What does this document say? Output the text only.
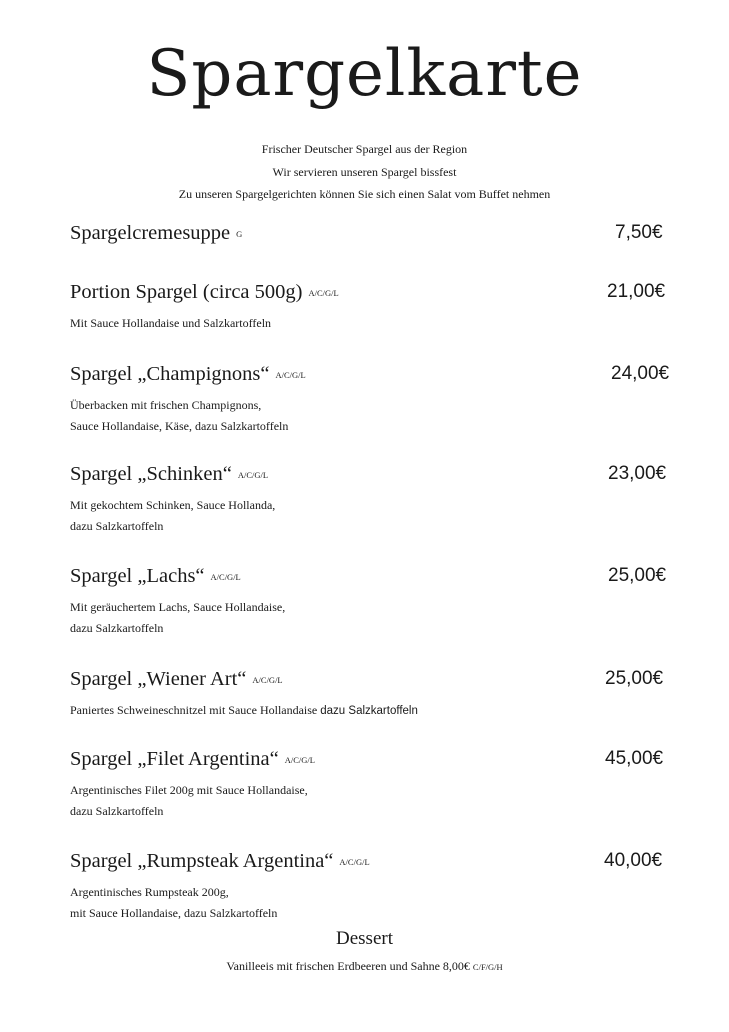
Spargelkarte
Frischer Deutscher Spargel aus der Region
Wir servieren unseren Spargel bissfest
Zu unseren Spargelgerichten können Sie sich einen Salat vom Buffet nehmen
Spargelcremesuppe G	7,50€
Portion Spargel (circa 500g) A/C/G/L
Mit Sauce Hollandaise und Salzkartoffeln
21,00€
Spargel „Champignons“ A/C/G/L
Überbacken mit frischen Champignons,
Sauce Hollandaise, Käse, dazu Salzkartoffeln
24,00€
Spargel „Schinken“ A/C/G/L
Mit gekochtem Schinken, Sauce Hollanda,
dazu Salzkartoffeln
23,00€
Spargel „Lachs“ A/C/G/L
Mit geräuchertem Lachs, Sauce Hollandaise,
dazu Salzkartoffeln
25,00€
Spargel „Wiener Art“ A/C/G/L
Paniertes Schweineschnitzel mit Sauce Hollandaise dazu Salzkartoffeln
25,00€
Spargel „Filet Argentina“ A/C/G/L
Argentinisches Filet 200g mit Sauce Hollandaise,
dazu Salzkartoffeln
45,00€
Spargel „Rumpsteak Argentina“ A/C/G/L
Argentinisches Rumpsteak 200g,
mit Sauce Hollandaise, dazu Salzkartoffeln
40,00€
Dessert
Vanilleeis mit frischen Erdbeeren und Sahne 8,00€ C/F/G/H
